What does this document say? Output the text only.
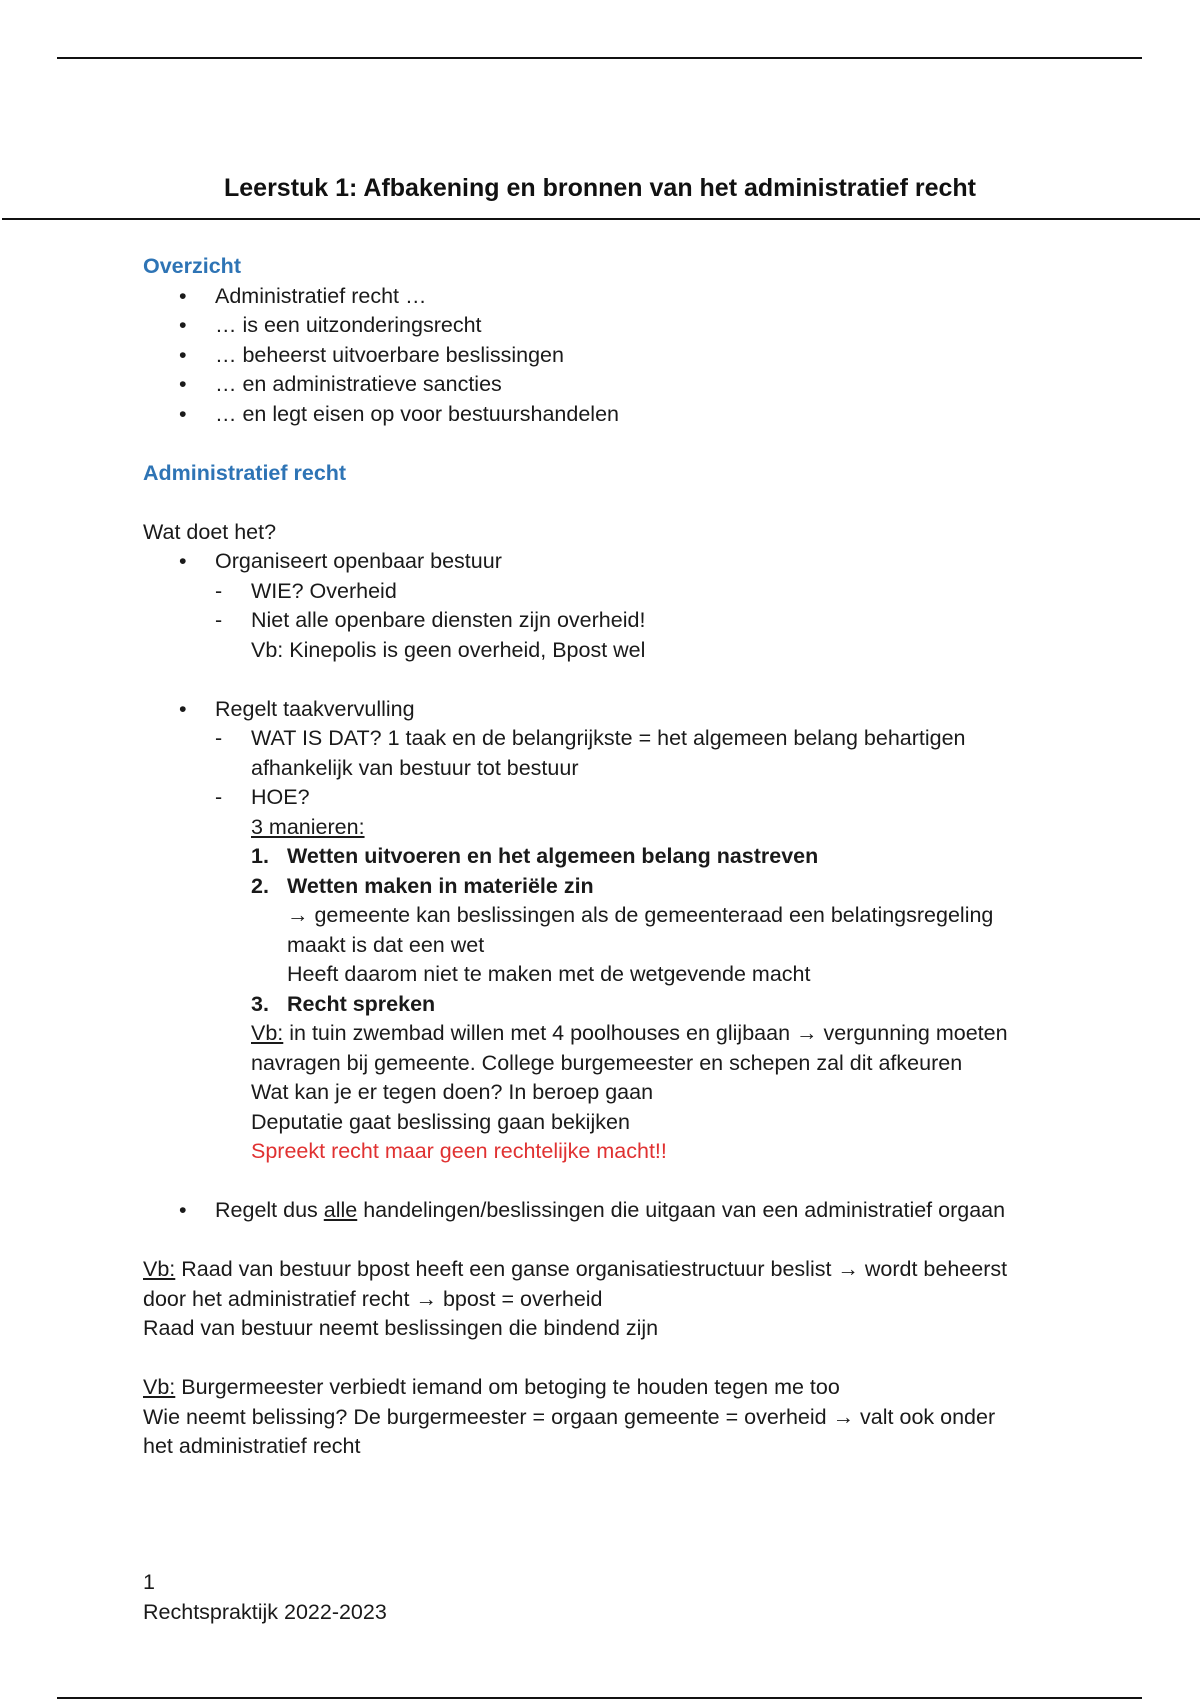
Leerstuk 1: Afbakening en bronnen van het administratief recht
Overzicht
• Administratief recht …
• … is een uitzonderingsrecht
• … beheerst uitvoerbare beslissingen
• … en administratieve sancties
• … en legt eisen op voor bestuurshandelen
Administratief recht
Wat doet het?
• Organiseert openbaar bestuur
- WIE? Overheid
- Niet alle openbare diensten zijn overheid!
Vb: Kinepolis is geen overheid, Bpost wel
• Regelt taakvervulling
- WAT IS DAT? 1 taak en de belangrijkste = het algemeen belang behartigen
afhankelijk van bestuur tot bestuur
- HOE?
3 manieren:
1. Wetten uitvoeren en het algemeen belang nastreven
2. Wetten maken in materiële zin
→ gemeente kan beslissingen als de gemeenteraad een belatingsregeling
maakt is dat een wet
Heeft daarom niet te maken met de wetgevende macht
3. Recht spreken
Vb: in tuin zwembad willen met 4 poolhouses en glijbaan → vergunning moeten
navragen bij gemeente. College burgemeester en schepen zal dit afkeuren
Wat kan je er tegen doen? In beroep gaan
Deputatie gaat beslissing gaan bekijken
Spreekt recht maar geen rechtelijke macht!!
• Regelt dus alle handelingen/beslissingen die uitgaan van een administratief orgaan
Vb: Raad van bestuur bpost heeft een ganse organisatiestructuur beslist → wordt beheerst
door het administratief recht → bpost = overheid
Raad van bestuur neemt beslissingen die bindend zijn
Vb: Burgermeester verbiedt iemand om betoging te houden tegen me too
Wie neemt belissing? De burgermeester = orgaan gemeente = overheid → valt ook onder
het administratief recht
1
Rechtspraktijk 2022-2023
